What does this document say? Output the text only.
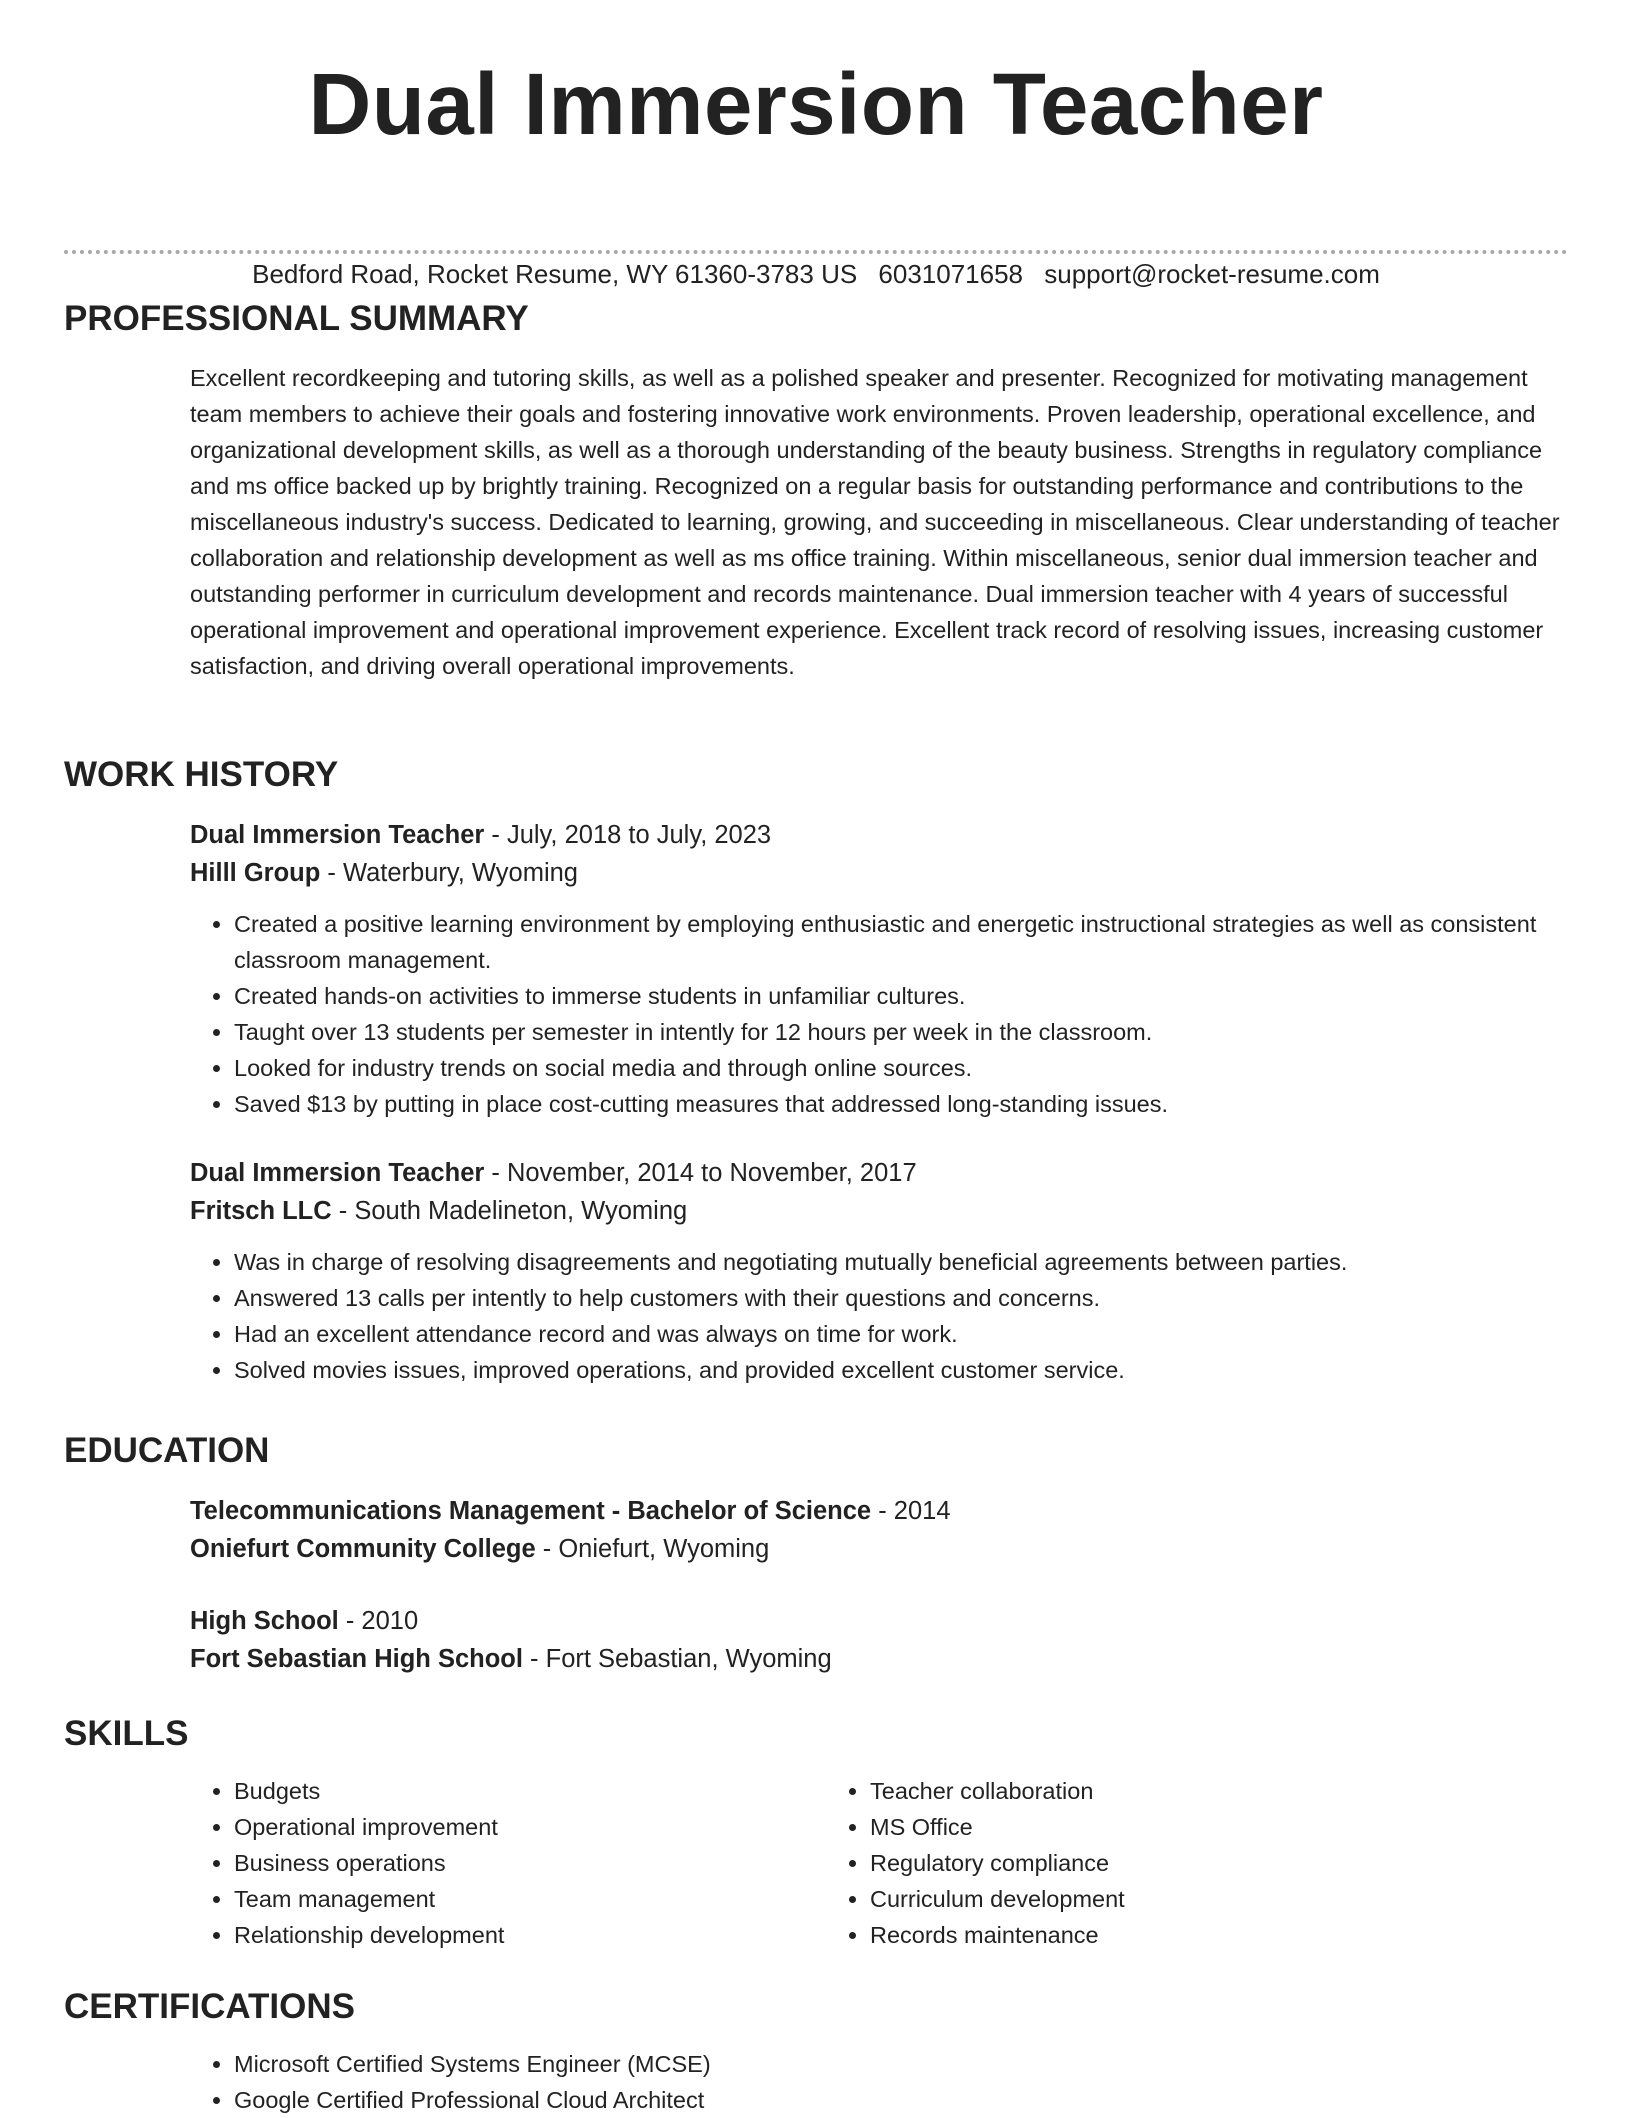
Dual Immersion Teacher
Bedford Road, Rocket Resume, WY 61360-3783 US 6031071658 support@rocket-resume.com
PROFESSIONAL SUMMARY

Excellent recordkeeping and tutoring skills, as well as a polished speaker and presenter. Recognized for motivating management team members to achieve their goals and fostering innovative work environments. Proven leadership, operational excellence, and organizational development skills, as well as a thorough understanding of the beauty business. Strengths in regulatory compliance and ms office backed up by brightly training. Recognized on a regular basis for outstanding performance and contributions to the miscellaneous industry's success. Dedicated to learning, growing, and succeeding in miscellaneous. Clear understanding of teacher collaboration and relationship development as well as ms office training. Within miscellaneous, senior dual immersion teacher and outstanding performer in curriculum development and records maintenance. Dual immersion teacher with 4 years of successful operational improvement and operational improvement experience. Excellent track record of resolving issues, increasing customer satisfaction, and driving overall operational improvements.

WORK HISTORY
Dual Immersion Teacher - July, 2018 to July, 2023
Hilll Group - Waterbury, Wyoming
• Created a positive learning environment by employing enthusiastic and energetic instructional strategies as well as consistent classroom management.
• Created hands-on activities to immerse students in unfamiliar cultures.
• Taught over 13 students per semester in intently for 12 hours per week in the classroom.
• Looked for industry trends on social media and through online sources.
• Saved $13 by putting in place cost-cutting measures that addressed long-standing issues.
Dual Immersion Teacher - November, 2014 to November, 2017
Fritsch LLC - South Madelineton, Wyoming
• Was in charge of resolving disagreements and negotiating mutually beneficial agreements between parties.
• Answered 13 calls per intently to help customers with their questions and concerns.
• Had an excellent attendance record and was always on time for work.
• Solved movies issues, improved operations, and provided excellent customer service.
EDUCATION
Telecommunications Management - Bachelor of Science - 2014
Oniefurt Community College - Oniefurt, Wyoming
High School - 2010
Fort Sebastian High School - Fort Sebastian, Wyoming
SKILLS
• Budgets
• Operational improvement
• Business operations
• Team management
• Relationship development
• Teacher collaboration
• MS Office
• Regulatory compliance
• Curriculum development
• Records maintenance
CERTIFICATIONS
• Microsoft Certified Systems Engineer (MCSE)
• Google Certified Professional Cloud Architect
